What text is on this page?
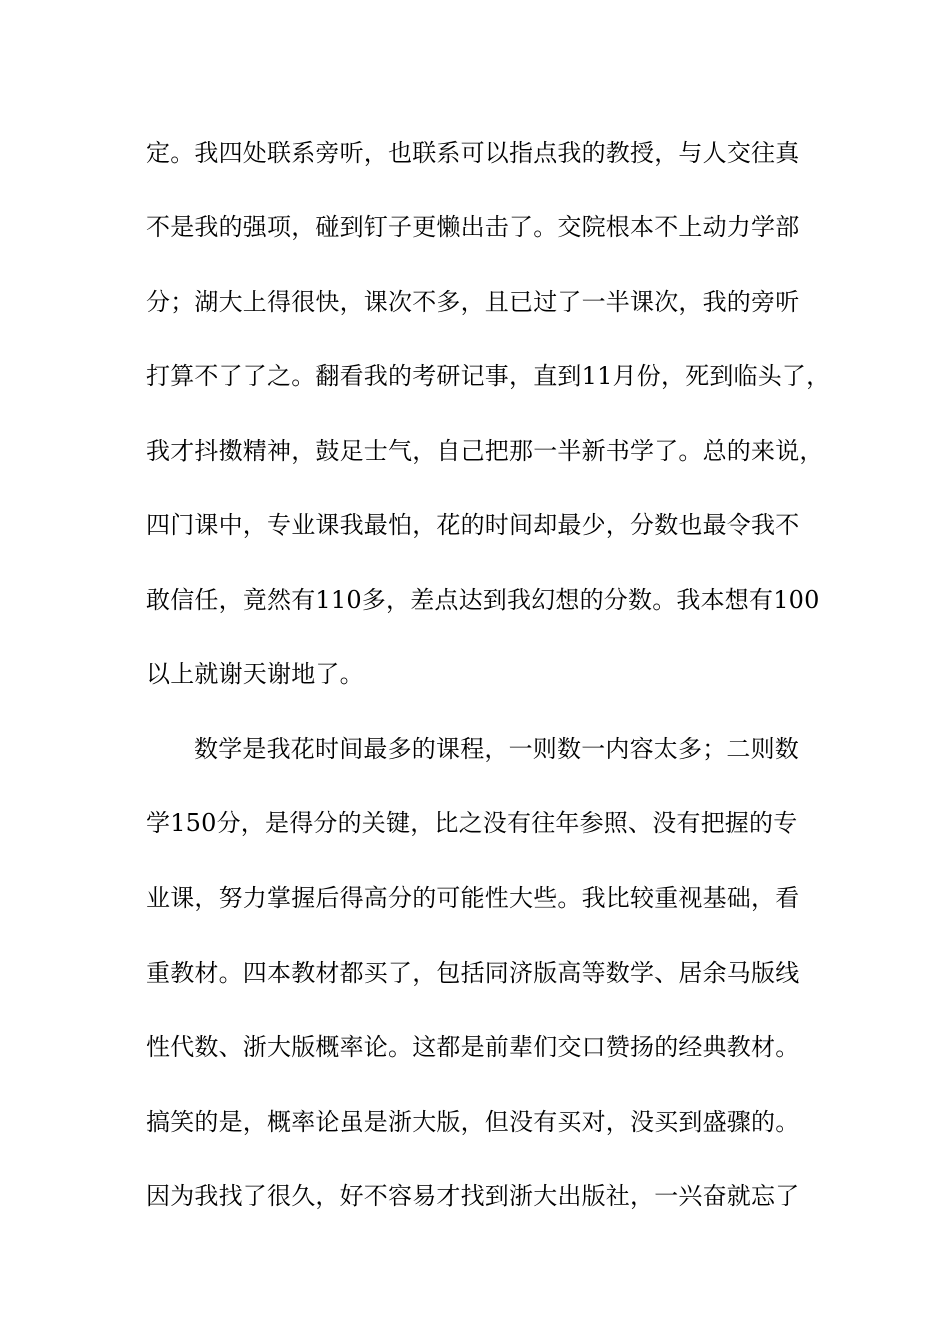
定。我四处联系旁听，也联系可以指点我的教授，与人交往真
不是我的强项，碰到钉子更懒出击了。交院根本不上动力学部
分；湖大上得很快，课次不多，且已过了一半课次，我的旁听
打算不了了之。翻看我的考研记事，直到11月份，死到临头了，
我才抖擞精神，鼓足士气，自己把那一半新书学了。总的来说，
四门课中，专业课我最怕，花的时间却最少，分数也最令我不
敢信任，竟然有110多，差点达到我幻想的分数。我本想有100
以上就谢天谢地了。
数学是我花时间最多的课程，一则数一内容太多；二则数
学150分，是得分的关键，比之没有往年参照、没有把握的专
业课，努力掌握后得高分的可能性大些。我比较重视基础，看
重教材。四本教材都买了，包括同济版高等数学、居余马版线
性代数、浙大版概率论。这都是前辈们交口赞扬的经典教材。
搞笑的是，概率论虽是浙大版，但没有买对，没买到盛骤的。
因为我找了很久，好不容易才找到浙大出版社，一兴奋就忘了
